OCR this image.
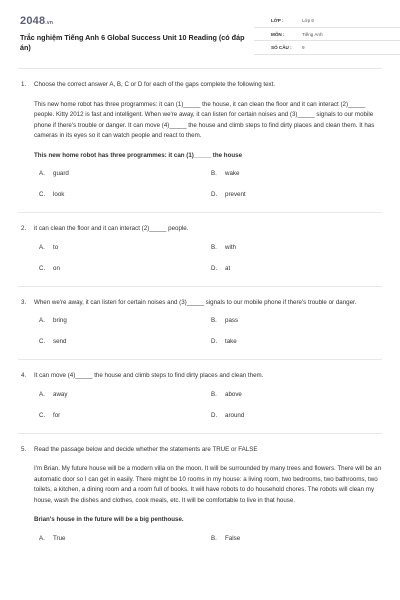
2048.vn
Trắc nghiệm Tiếng Anh 6 Global Success Unit 10 Reading (có đáp án)
LỚP :	Lớp 6
MÔN :	Tiếng Anh
SỐ CÂU : 9
1. Choose the correct answer A, B, C or D for each of the gaps complete the following text.
This new home robot has three programmes: it can (1)_____ the house, it can clean the floor and it can interact (2)_____ people. Kitty 2012 is fast and intelligent. When we're away, it can listen for certain noises and (3)_____ signals to our mobile phone if there's trouble or danger. It can move (4)_____ the house and climb steps to find dirty places and clean them. It has cameras in its eyes so it can watch people and react to them.
This new home robot has three programmes: it can (1)_____ the house
A. guard	B. wake
C. look	D. prevent
2. it can clean the floor and it can interact (2)_____ people.
A. to	B. with
C. on	D. at
3. When we're away, it can listen for certain noises and (3)_____ signals to our mobile phone if there's trouble or danger.
A. bring	B. pass
C. send	D. take
4. It can move (4)_____ the house and climb steps to find dirty places and clean them.
A. away	B. above
C. for	D. around
5. Read the passage below and decide whether the statements are TRUE or FALSE
I'm Brian. My future house will be a modern villa on the moon. It will be surrounded by many trees and flowers. There will be an automatic door so I can get in easily. There might be 10 rooms in my house: a living room, two bedrooms, two bathrooms, two toilets, a kitchen, a dining room and a room full of books. It will have robots to do household chores. The robots will clean my house, wash the dishes and clothes, cook meals, etc. It will be comfortable to live in that house.
Brian's house in the future will be a big penthouse.
A. True	B. False
